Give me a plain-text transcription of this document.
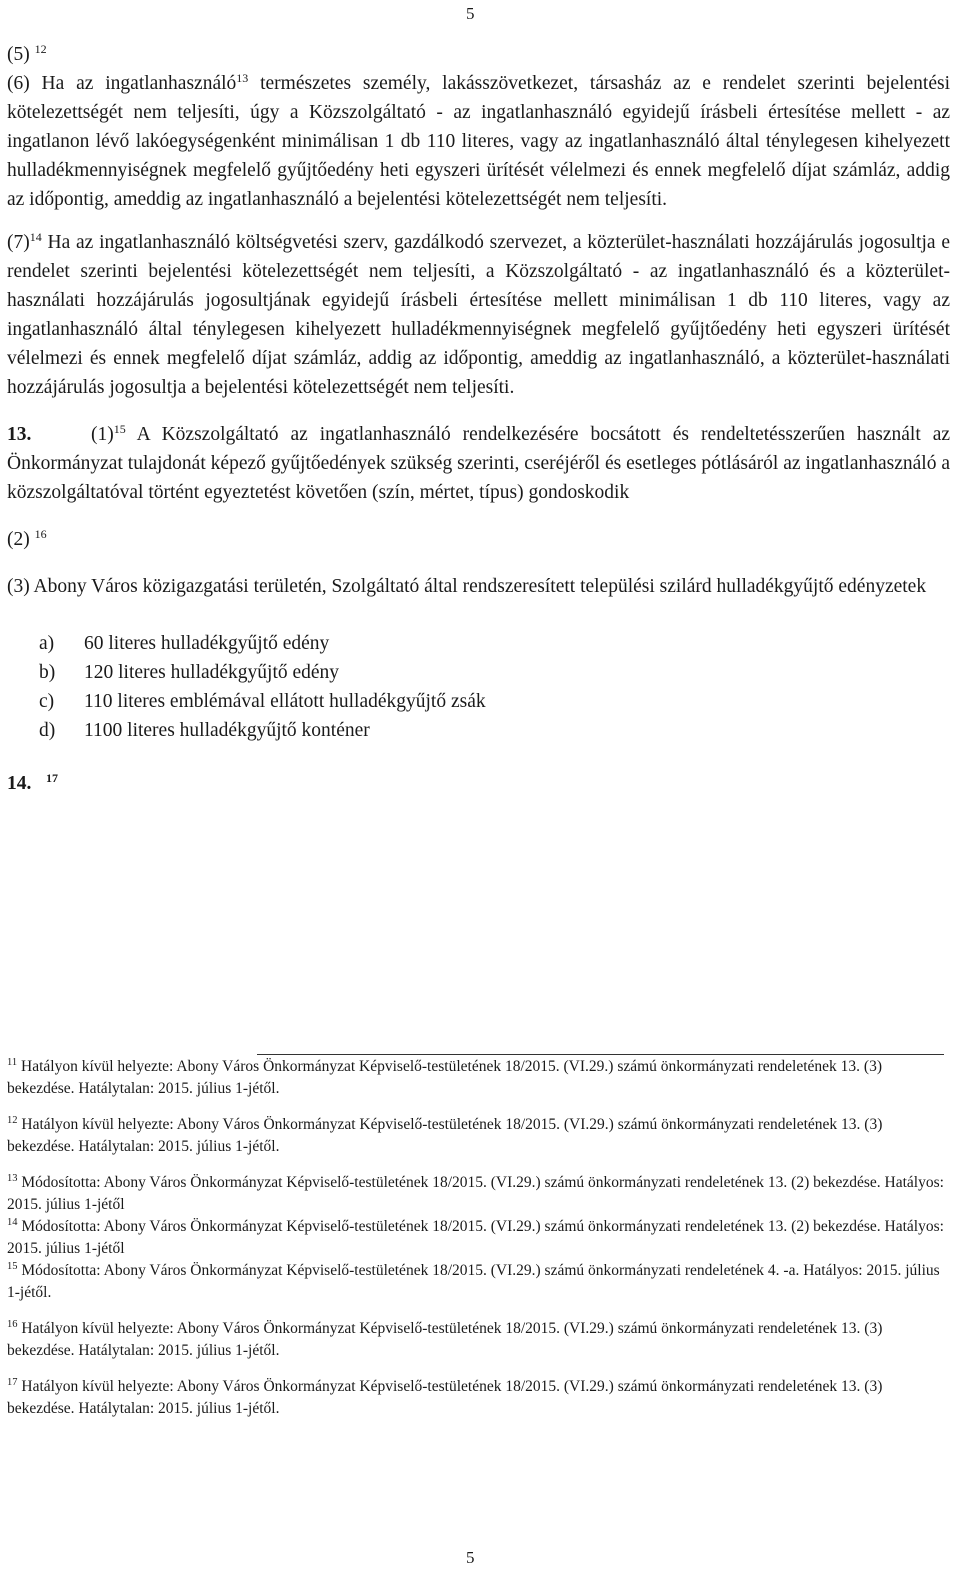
5

(5) $^{12}$

(6) Ha az ingatlanhasználó$^{13}$ természetes személy, lakásszövetkezet, társasház az e rendelet szerinti bejelentési kötelezettségét nem teljesíti, úgy a Közszolgáltató - az ingatlanhasználó egyidejű írásbeli értesítése mellett - az ingatlanon lévő lakóegységenként minimálisan 1 db 110 literes, vagy az ingatlanhasználó által ténylegesen kihelyezett hulladékmennyiségnek megfelelő gyűjtőedény heti egyszeri ürítését vélelmezi és ennek megfelelő díjat számláz, addig az időpontig, ameddig az ingatlanhasználó a bejelentési kötelezettségét nem teljesíti.

(7)$^{14}$ Ha az ingatlanhasználó költségvetési szerv, gazdálkodó szervezet, a közterület-használati hozzájárulás jogosultja e rendelet szerinti bejelentési kötelezettségét nem teljesíti, a Közszolgáltató - az ingatlanhasználó és a közterület-használati hozzájárulás jogosultjának egyidejű írásbeli értesítése mellett minimálisan 1 db 110 literes, vagy az ingatlanhasználó által ténylegesen kihelyezett hulladékmennyiségnek megfelelő gyűjtőedény heti egyszeri ürítését vélelmezi és ennek megfelelő díjat számláz, addig az időpontig, ameddig az ingatlanhasználó, a közterület-használati hozzájárulás jogosultja a bejelentési kötelezettségét nem teljesíti.

13.	(1)$^{15}$ A Közszolgáltató az ingatlanhasználó rendelkezésére bocsátott és rendeltetésszerűen használt az Önkormányzat tulajdonát képező gyűjtőedények szükség szerinti, cseréjéről és esetleges pótlásáról az ingatlanhasználó a közszolgáltatóval történt egyeztetést követően (szín, mértet, típus) gondoskodik

(2) $^{16}$

(3) Abony Város közigazgatási területén, Szolgáltató által rendszeresített települési szilárd hulladékgyűjtő edényzetek

a) 60 literes hulladékgyűjtő edény
b) 120 literes hulladékgyűjtő edény
c) 110 literes emblémával ellátott hulladékgyűjtő zsák
d) 1100 literes hulladékgyűjtő konténer

14. $^{17}$

$^{11}$ Hatályon kívül helyezte: Abony Város Önkormányzat Képviselő-testületének 18/2015. (VI.29.) számú önkormányzati rendeletének 13. (3) bekezdése. Hatálytalan: 2015. július 1-jétől.

$^{12}$ Hatályon kívül helyezte: Abony Város Önkormányzat Képviselő-testületének 18/2015. (VI.29.) számú önkormányzati rendeletének 13. (3) bekezdése. Hatálytalan: 2015. július 1-jétől.

$^{13}$ Módosította: Abony Város Önkormányzat Képviselő-testületének 18/2015. (VI.29.) számú önkormányzati rendeletének 13. (2) bekezdése. Hatályos: 2015. július 1-jétől

$^{14}$ Módosította: Abony Város Önkormányzat Képviselő-testületének 18/2015. (VI.29.) számú önkormányzati rendeletének 13. (2) bekezdése. Hatályos: 2015. július 1-jétől

$^{15}$ Módosította: Abony Város Önkormányzat Képviselő-testületének 18/2015. (VI.29.) számú önkormányzati rendeletének 4. -a. Hatályos: 2015. július 1-jétől.

$^{16}$ Hatályon kívül helyezte: Abony Város Önkormányzat Képviselő-testületének 18/2015. (VI.29.) számú önkormányzati rendeletének 13. (3) bekezdése. Hatálytalan: 2015. július 1-jétől.

$^{17}$ Hatályon kívül helyezte: Abony Város Önkormányzat Képviselő-testületének 18/2015. (VI.29.) számú önkormányzati rendeletének 13. (3) bekezdése. Hatálytalan: 2015. július 1-jétől.

5
